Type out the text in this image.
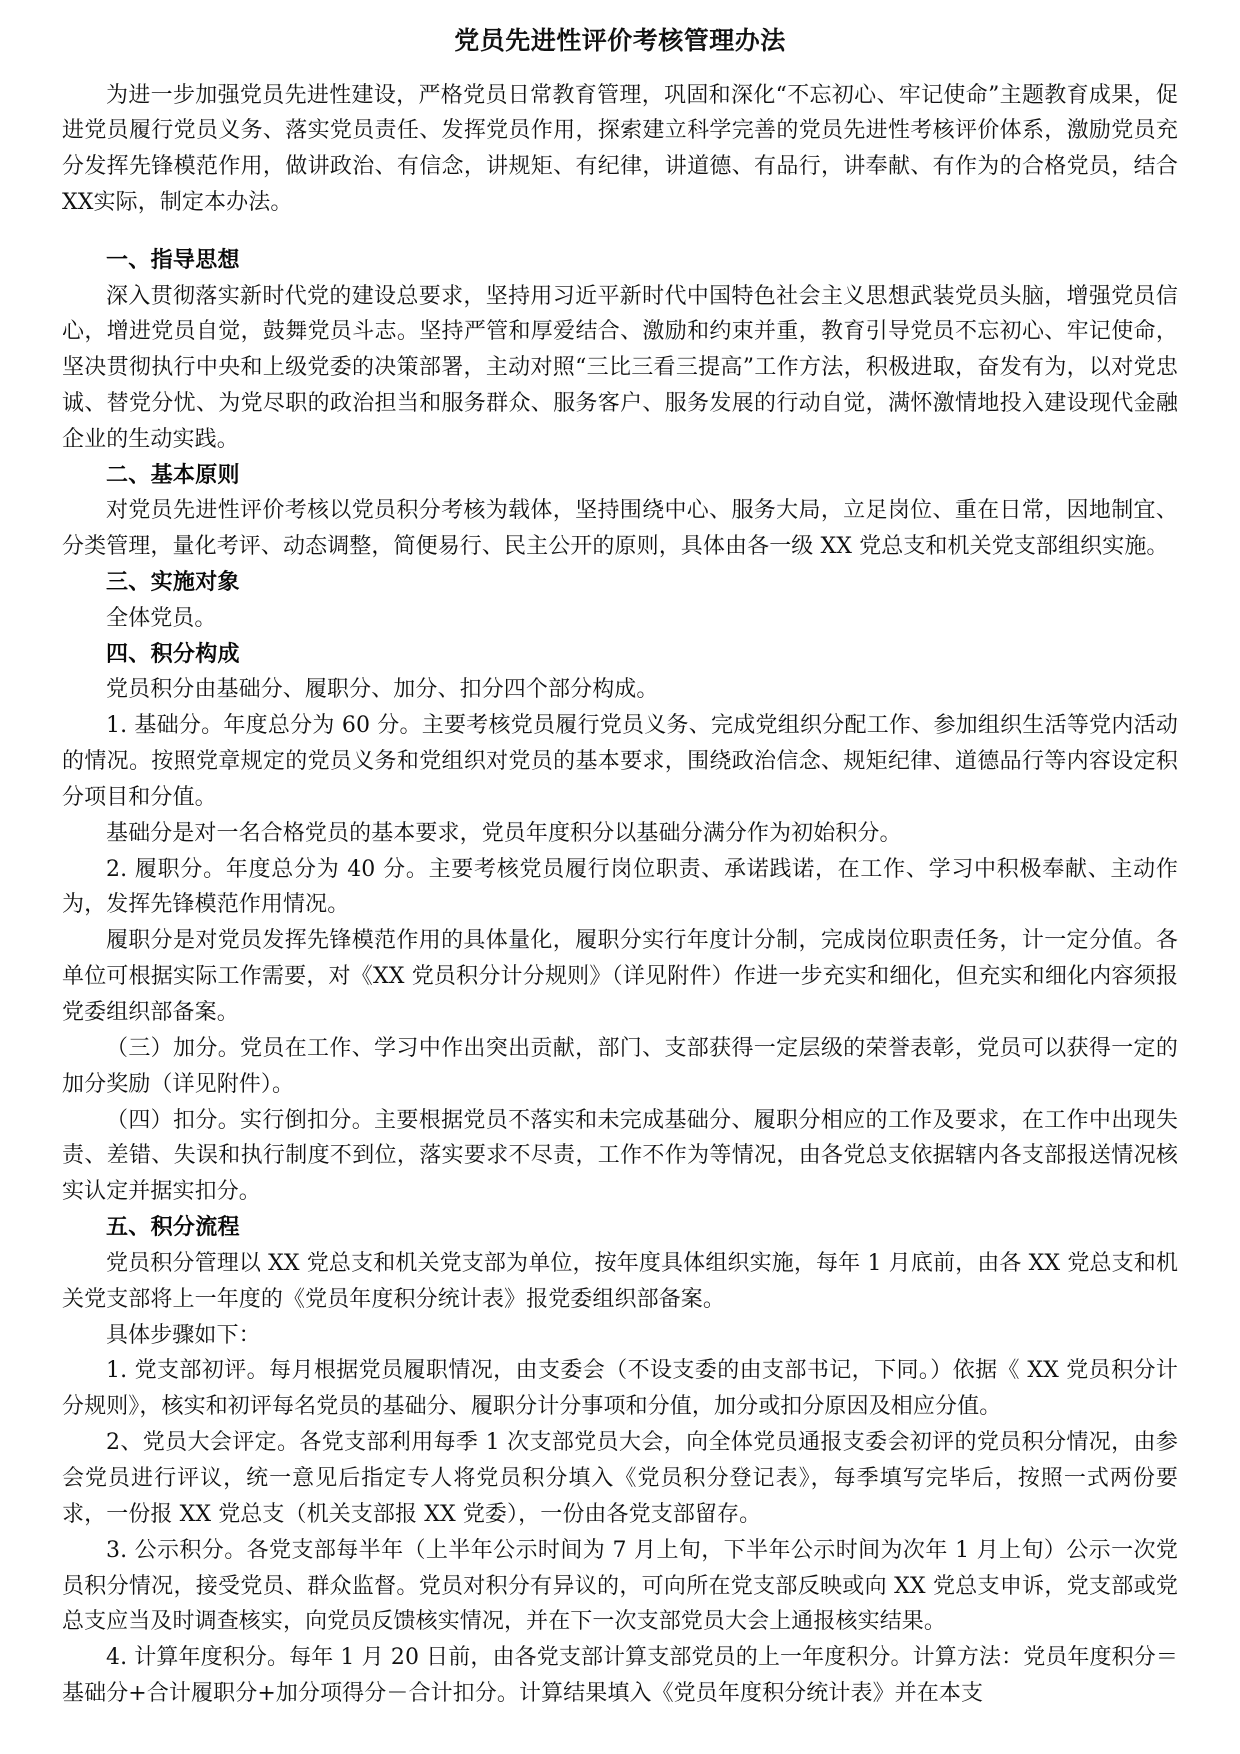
党员先进性评价考核管理办法

为进一步加强党员先进性建设，严格党员日常教育管理，巩固和深化“不忘初心、牢记使命”主题教育成果，促进党员履行党员义务、落实党员责任、发挥党员作用，探索建立科学完善的党员先进性考核评价体系，激励党员充分发挥先锋模范作用，做讲政治、有信念，讲规矩、有纪律，讲道德、有品行，讲奉献、有作为的合格党员，结合XX实际，制定本办法。

一、指导思想

深入贯彻落实新时代党的建设总要求，坚持用习近平新时代中国特色社会主义思想武装党员头脑，增强党员信心，增进党员自觉，鼓舞党员斗志。坚持严管和厚爱结合、激励和约束并重，教育引导党员不忘初心、牢记使命，坚决贯彻执行中央和上级党委的决策部署，主动对照“三比三看三提高”工作方法，积极进取，奋发有为，以对党忠诚、替党分忧、为党尽职的政治担当和服务群众、服务客户、服务发展的行动自觉，满怀激情地投入建设现代金融企业的生动实践。

二、基本原则

对党员先进性评价考核以党员积分考核为载体，坚持围绕中心、服务大局，立足岗位、重在日常，因地制宜、分类管理，量化考评、动态调整，简便易行、民主公开的原则，具体由各一级 XX 党总支和机关党支部组织实施。

三、实施对象

全体党员。

四、积分构成

党员积分由基础分、履职分、加分、扣分四个部分构成。

1. 基础分。年度总分为 60 分。主要考核党员履行党员义务、完成党组织分配工作、参加组织生活等党内活动的情况。按照党章规定的党员义务和党组织对党员的基本要求，围绕政治信念、规矩纪律、道德品行等内容设定积分项目和分值。

基础分是对一名合格党员的基本要求，党员年度积分以基础分满分作为初始积分。

2. 履职分。年度总分为 40 分。主要考核党员履行岗位职责、承诺践诺，在工作、学习中积极奉献、主动作为，发挥先锋模范作用情况。

履职分是对党员发挥先锋模范作用的具体量化，履职分实行年度计分制，完成岗位职责任务，计一定分值。各单位可根据实际工作需要，对《XX 党员积分计分规则》（详见附件）作进一步充实和细化，但充实和细化内容须报党委组织部备案。

（三）加分。党员在工作、学习中作出突出贡献，部门、支部获得一定层级的荣誉表彰，党员可以获得一定的加分奖励（详见附件）。

（四）扣分。实行倒扣分。主要根据党员不落实和未完成基础分、履职分相应的工作及要求，在工作中出现失责、差错、失误和执行制度不到位，落实要求不尽责，工作不作为等情况，由各党总支依据辖内各支部报送情况核实认定并据实扣分。

五、积分流程

党员积分管理以 XX 党总支和机关党支部为单位，按年度具体组织实施，每年 1 月底前，由各 XX 党总支和机关党支部将上一年度的《党员年度积分统计表》报党委组织部备案。

具体步骤如下：

1. 党支部初评。每月根据党员履职情况，由支委会（不设支委的由支部书记，下同。）依据《 XX 党员积分计分规则》，核实和初评每名党员的基础分、履职分计分事项和分值，加分或扣分原因及相应分值。

2、党员大会评定。各党支部利用每季 1 次支部党员大会，向全体党员通报支委会初评的党员积分情况，由参会党员进行评议，统一意见后指定专人将党员积分填入《党员积分登记表》，每季填写完毕后，按照一式两份要求，一份报 XX 党总支（机关支部报 XX 党委），一份由各党支部留存。

3. 公示积分。各党支部每半年（上半年公示时间为 7 月上旬，下半年公示时间为次年 1 月上旬）公示一次党员积分情况，接受党员、群众监督。党员对积分有异议的，可向所在党支部反映或向 XX 党总支申诉，党支部或党总支应当及时调查核实，向党员反馈核实情况，并在下一次支部党员大会上通报核实结果。

4. 计算年度积分。每年 1 月 20 日前，由各党支部计算支部党员的上一年度积分。计算方法：党员年度积分＝基础分+合计履职分+加分项得分－合计扣分。计算结果填入《党员年度积分统计表》并在本支
